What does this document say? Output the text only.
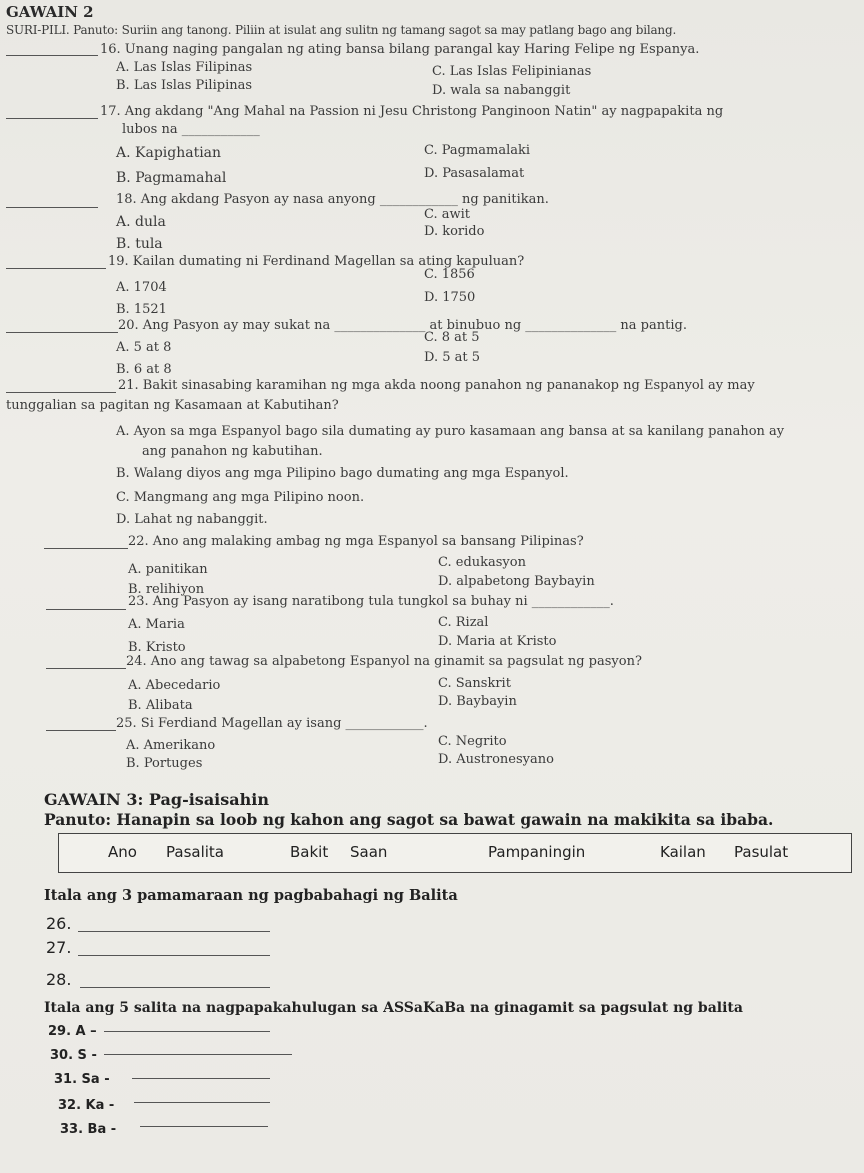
GAWAIN 2
SURI-PILI. Panuto: Suriin ang tanong. Piliin at isulat ang sulitn ng tamang sagot sa may patlang bago ang bilang.
16. Unang naging pangalan ng ating bansa bilang parangal kay Haring Felipe ng Espanya.
A. Las Islas Filipinas
B. Las Islas Pilipinas
C. Las Islas Felipinianas
D. wala sa nabanggit
17. Ang akdang "Ang Mahal na Passion ni Jesu Christong Panginoon Natin" ay nagpapakita ng
lubos na ____________
A. Kapighatian
B. Pagmamahal
C. Pagmamalaki
D. Pasasalamat
18. Ang akdang Pasyon ay nasa anyong ____________ ng panitikan.
A. dula
B. tula
C. awit
D. korido
19. Kailan dumating ni Ferdinand Magellan sa ating kapuluan?
A. 1704
B. 1521
C. 1856
D. 1750
20. Ang Pasyon ay may sukat na ______________ at binubuo ng ______________ na pantig.
A. 5 at 8
B. 6 at 8
C. 8 at 5
D. 5 at 5
21. Bakit sinasabing karamihan ng mga akda noong panahon ng pananakop ng Espanyol ay may
tunggalian sa pagitan ng Kasamaan at Kabutihan?
A. Ayon sa mga Espanyol bago sila dumating ay puro kasamaan ang bansa at sa kanilang panahon ay
ang panahon ng kabutihan.
B. Walang diyos ang mga Pilipino bago dumating ang mga Espanyol.
C. Mangmang ang mga Pilipino noon.
D. Lahat ng nabanggit.
22. Ano ang malaking ambag ng mga Espanyol sa bansang Pilipinas?
A. panitikan
B. relihiyon
C. edukasyon
D. alpabetong Baybayin
23. Ang Pasyon ay isang naratibong tula tungkol sa buhay ni ____________.
A. Maria
B. Kristo
C. Rizal
D. Maria at Kristo
24. Ano ang tawag sa alpabetong Espanyol na ginamit sa pagsulat ng pasyon?
A. Abecedario
B. Alibata
C. Sanskrit
D. Baybayin
25. Si Ferdiand Magellan ay isang ____________.
A. Amerikano
B. Portuges
C. Negrito
D. Austronesyano
GAWAIN 3: Pag-isaisahin
Panuto: Hanapin sa loob ng kahon ang sagot sa bawat gawain na makikita sa ibaba.
Ano Pasalita	Bakit Saan	Pampaningin	Kailan Pasulat
Itala ang 3 pamamaraan ng pagbabahagi ng Balita
26.
27.
28.
Itala ang 5 salita na nagpapakahulugan sa ASSaKaBa na ginagamit sa pagsulat ng balita
29. A –
30. S -
31. Sa -
32. Ka -
33. Ba -
